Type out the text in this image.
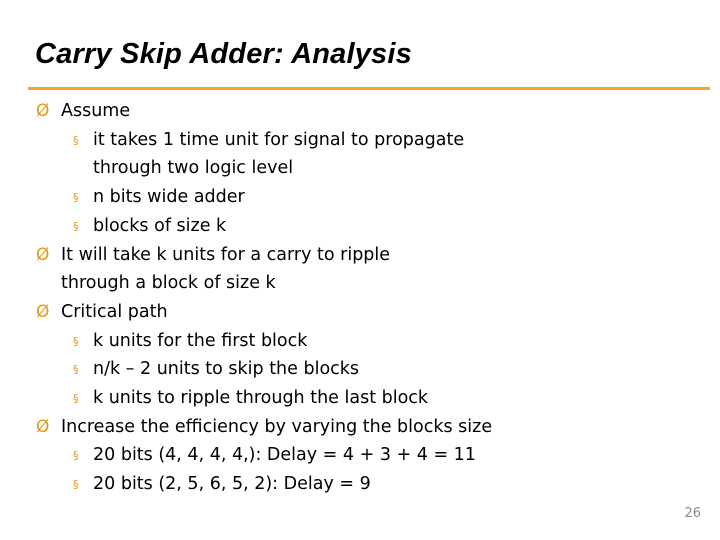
Carry Skip Adder: Analysis
Ø Assume
§ it takes 1 time unit for signal to propagate
through two logic level
§ n bits wide adder
§ blocks of size k
Ø It will take k units for a carry to ripple
through a block of size k
Ø Critical path
§ k units for the first block
§ n/k – 2 units to skip the blocks
§ k units to ripple through the last block
Ø Increase the efficiency by varying the blocks size
§ 20 bits (4, 4, 4, 4,): Delay = 4 + 3 + 4 = 11
§ 20 bits (2, 5, 6, 5, 2): Delay = 9
26
